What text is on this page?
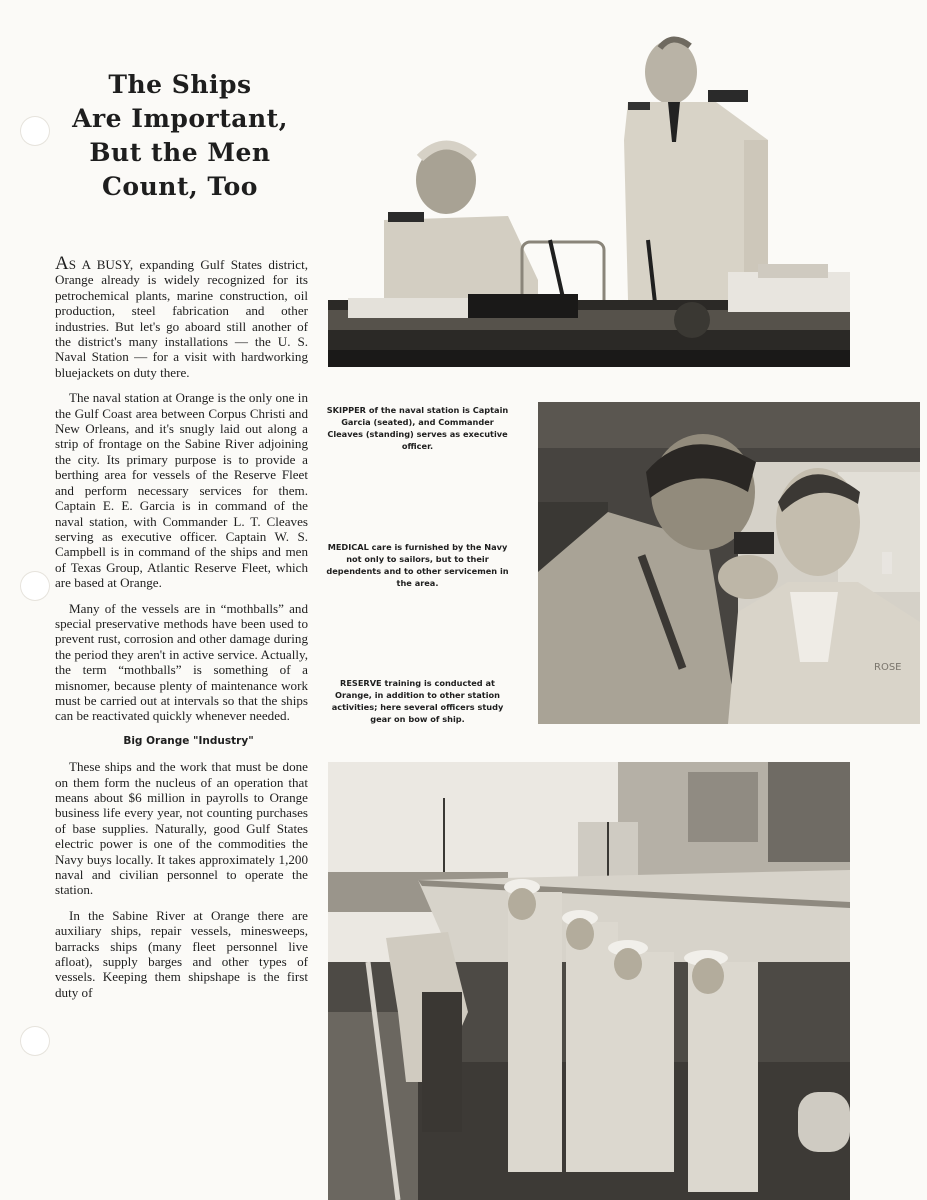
The Ships
Are Important,
But the Men
Count, Too

AS A BUSY, expanding Gulf States district, Orange already is widely recognized for its petrochemical plants, marine construction, oil production, steel fabrication and other industries. But let's go aboard still another of the district's many installations — the U. S. Naval Station — for a visit with hardworking bluejackets on duty there.

The naval station at Orange is the only one in the Gulf Coast area between Corpus Christi and New Orleans, and it's snugly laid out along a strip of frontage on the Sabine River adjoining the city. Its primary purpose is to provide a berthing area for vessels of the Reserve Fleet and perform necessary services for them. Captain E. E. Garcia is in command of the naval station, with Commander L. T. Cleaves serving as executive officer. Captain W. S. Campbell is in command of the ships and men of Texas Group, Atlantic Reserve Fleet, which are based at Orange.

Many of the vessels are in “mothballs” and special preservative methods have been used to prevent rust, corrosion and other damage during the period they aren't in active service. Actually, the term “mothballs” is something of a misnomer, because plenty of maintenance work must be carried out at intervals so that the ships can be reactivated quickly whenever needed.

Big Orange "Industry"

These ships and the work that must be done on them form the nucleus of an operation that means about $6 million in payrolls to Orange business life every year, not counting purchases of base supplies. Naturally, good Gulf States electric power is one of the commodities the Navy buys locally. It takes approximately 1,200 naval and civilian personnel to operate the station.

In the Sabine River at Orange there are auxiliary ships, repair vessels, minesweeps, barracks ships (many fleet personnel live afloat), supply barges and other types of vessels. Keeping them shipshape is the first duty of

SKIPPER of the naval station is Captain Garcia (seated), and Commander Cleaves (standing) serves as executive officer.
MEDICAL care is furnished by the Navy not only to sailors, but to their dependents and to other servicemen in the area.
RESERVE training is conducted at Orange, in addition to other station activities; here several officers study gear on bow of ship.
ROSE
